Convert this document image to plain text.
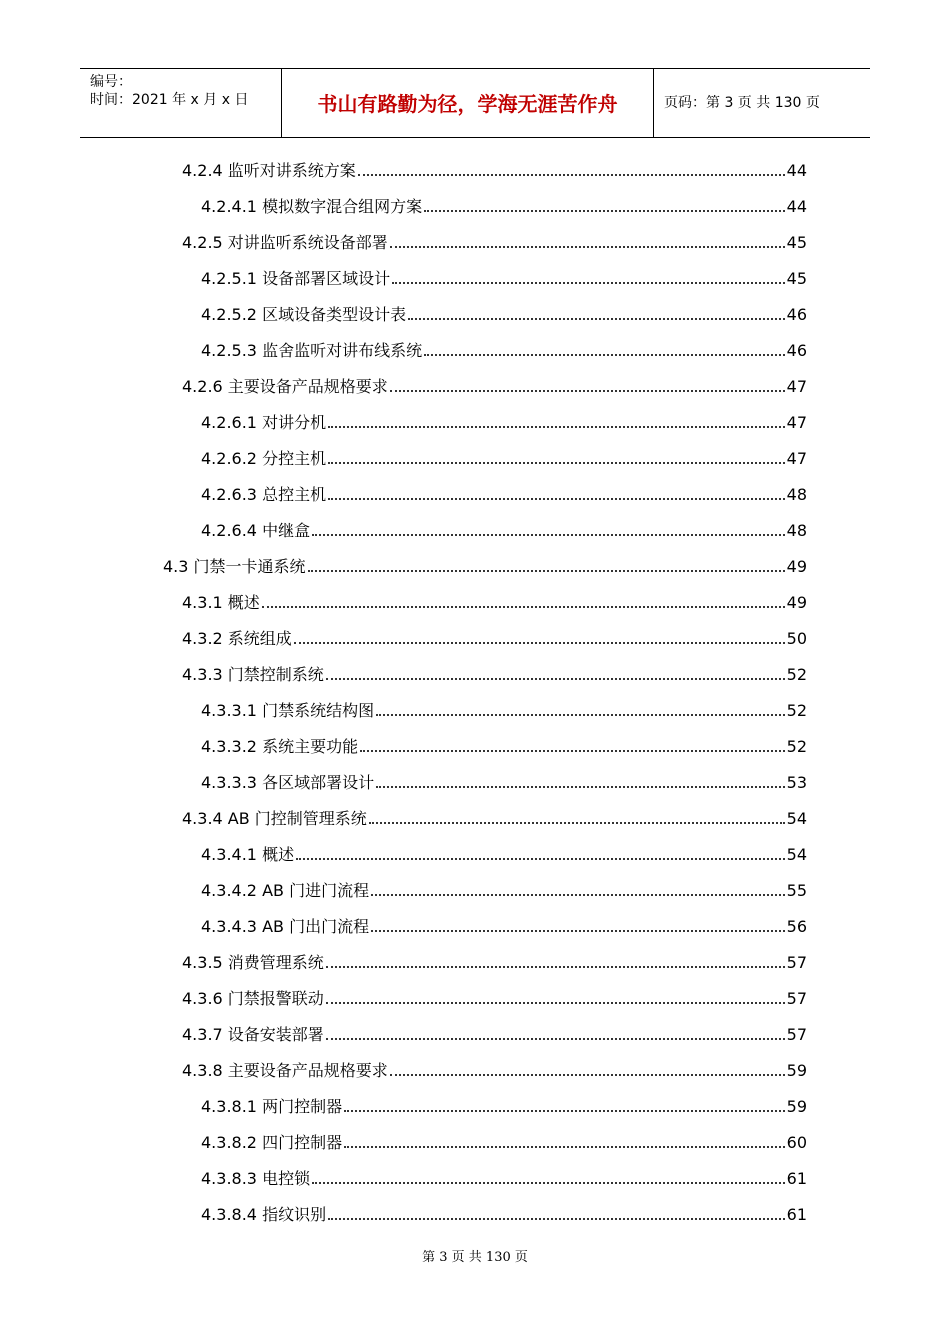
编号：
时间：2021 年 x 月 x 日	书山有路勤为径，学海无涯苦作舟	页码：第 3 页 共 130 页
4.2.4 监听对讲系统方案	44
4.2.4.1 模拟数字混合组网方案	44
4.2.5 对讲监听系统设备部署	45
4.2.5.1 设备部署区域设计	45
4.2.5.2 区域设备类型设计表	46
4.2.5.3 监舍监听对讲布线系统	46
4.2.6 主要设备产品规格要求	47
4.2.6.1 对讲分机	47
4.2.6.2 分控主机	47
4.2.6.3 总控主机	48
4.2.6.4 中继盒	48
4.3 门禁一卡通系统	49
4.3.1 概述	49
4.3.2 系统组成	50
4.3.3 门禁控制系统	52
4.3.3.1 门禁系统结构图	52
4.3.3.2 系统主要功能	52
4.3.3.3 各区域部署设计	53
4.3.4 AB 门控制管理系统	54
4.3.4.1 概述	54
4.3.4.2 AB 门进门流程	55
4.3.4.3 AB 门出门流程	56
4.3.5 消费管理系统	57
4.3.6 门禁报警联动	57
4.3.7 设备安装部署	57
4.3.8 主要设备产品规格要求	59
4.3.8.1 两门控制器	59
4.3.8.2 四门控制器	60
4.3.8.3 电控锁	61
4.3.8.4 指纹识别	61
第 3 页 共 130 页
